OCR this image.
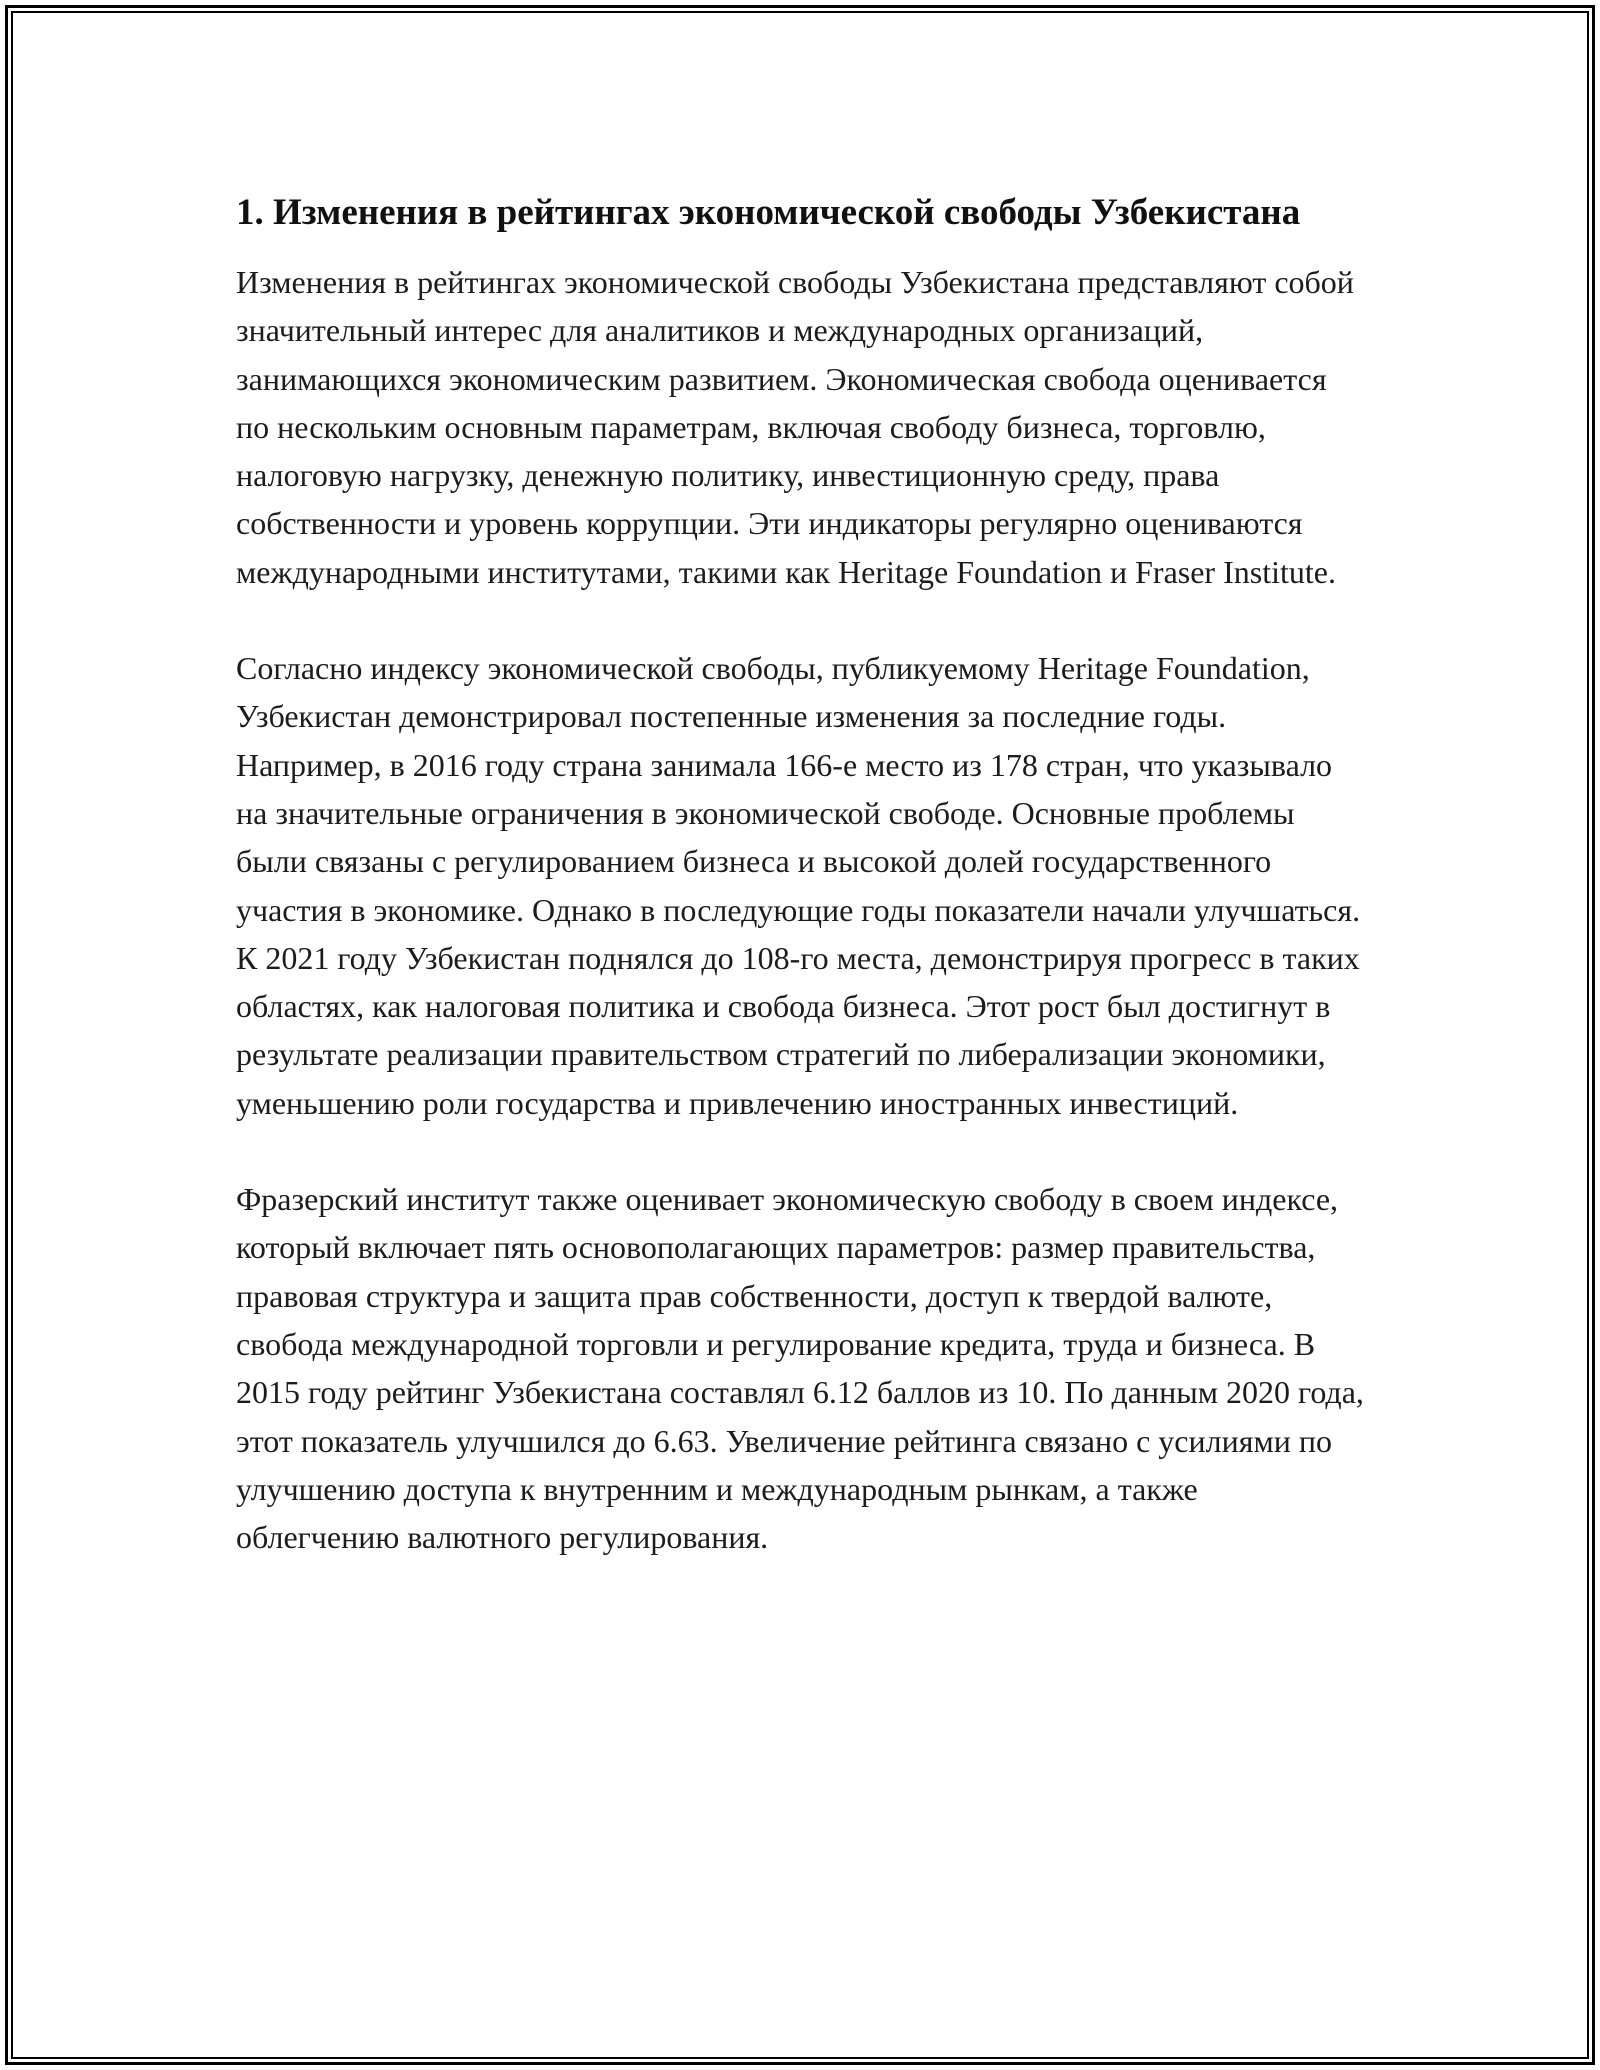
1. Изменения в рейтингах экономической свободы Узбекистана

Изменения в рейтингах экономической свободы Узбекистана представляют собой значительный интерес для аналитиков и международных организаций, занимающихся экономическим развитием. Экономическая свобода оценивается по нескольким основным параметрам, включая свободу бизнеса, торговлю, налоговую нагрузку, денежную политику, инвестиционную среду, права собственности и уровень коррупции. Эти индикаторы регулярно оцениваются международными институтами, такими как Heritage Foundation и Fraser Institute.

Согласно индексу экономической свободы, публикуемому Heritage Foundation, Узбекистан демонстрировал постепенные изменения за последние годы. Например, в 2016 году страна занимала 166-е место из 178 стран, что указывало на значительные ограничения в экономической свободе. Основные проблемы были связаны с регулированием бизнеса и высокой долей государственного участия в экономике. Однако в последующие годы показатели начали улучшаться. К 2021 году Узбекистан поднялся до 108-го места, демонстрируя прогресс в таких областях, как налоговая политика и свобода бизнеса. Этот рост был достигнут в результате реализации правительством стратегий по либерализации экономики, уменьшению роли государства и привлечению иностранных инвестиций.

Фразерский институт также оценивает экономическую свободу в своем индексе, который включает пять основополагающих параметров: размер правительства, правовая структура и защита прав собственности, доступ к твердой валюте, свобода международной торговли и регулирование кредита, труда и бизнеса. В 2015 году рейтинг Узбекистана составлял 6.12 баллов из 10. По данным 2020 года, этот показатель улучшился до 6.63. Увеличение рейтинга связано с усилиями по улучшению доступа к внутренним и международным рынкам, а также облегчению валютного регулирования.
